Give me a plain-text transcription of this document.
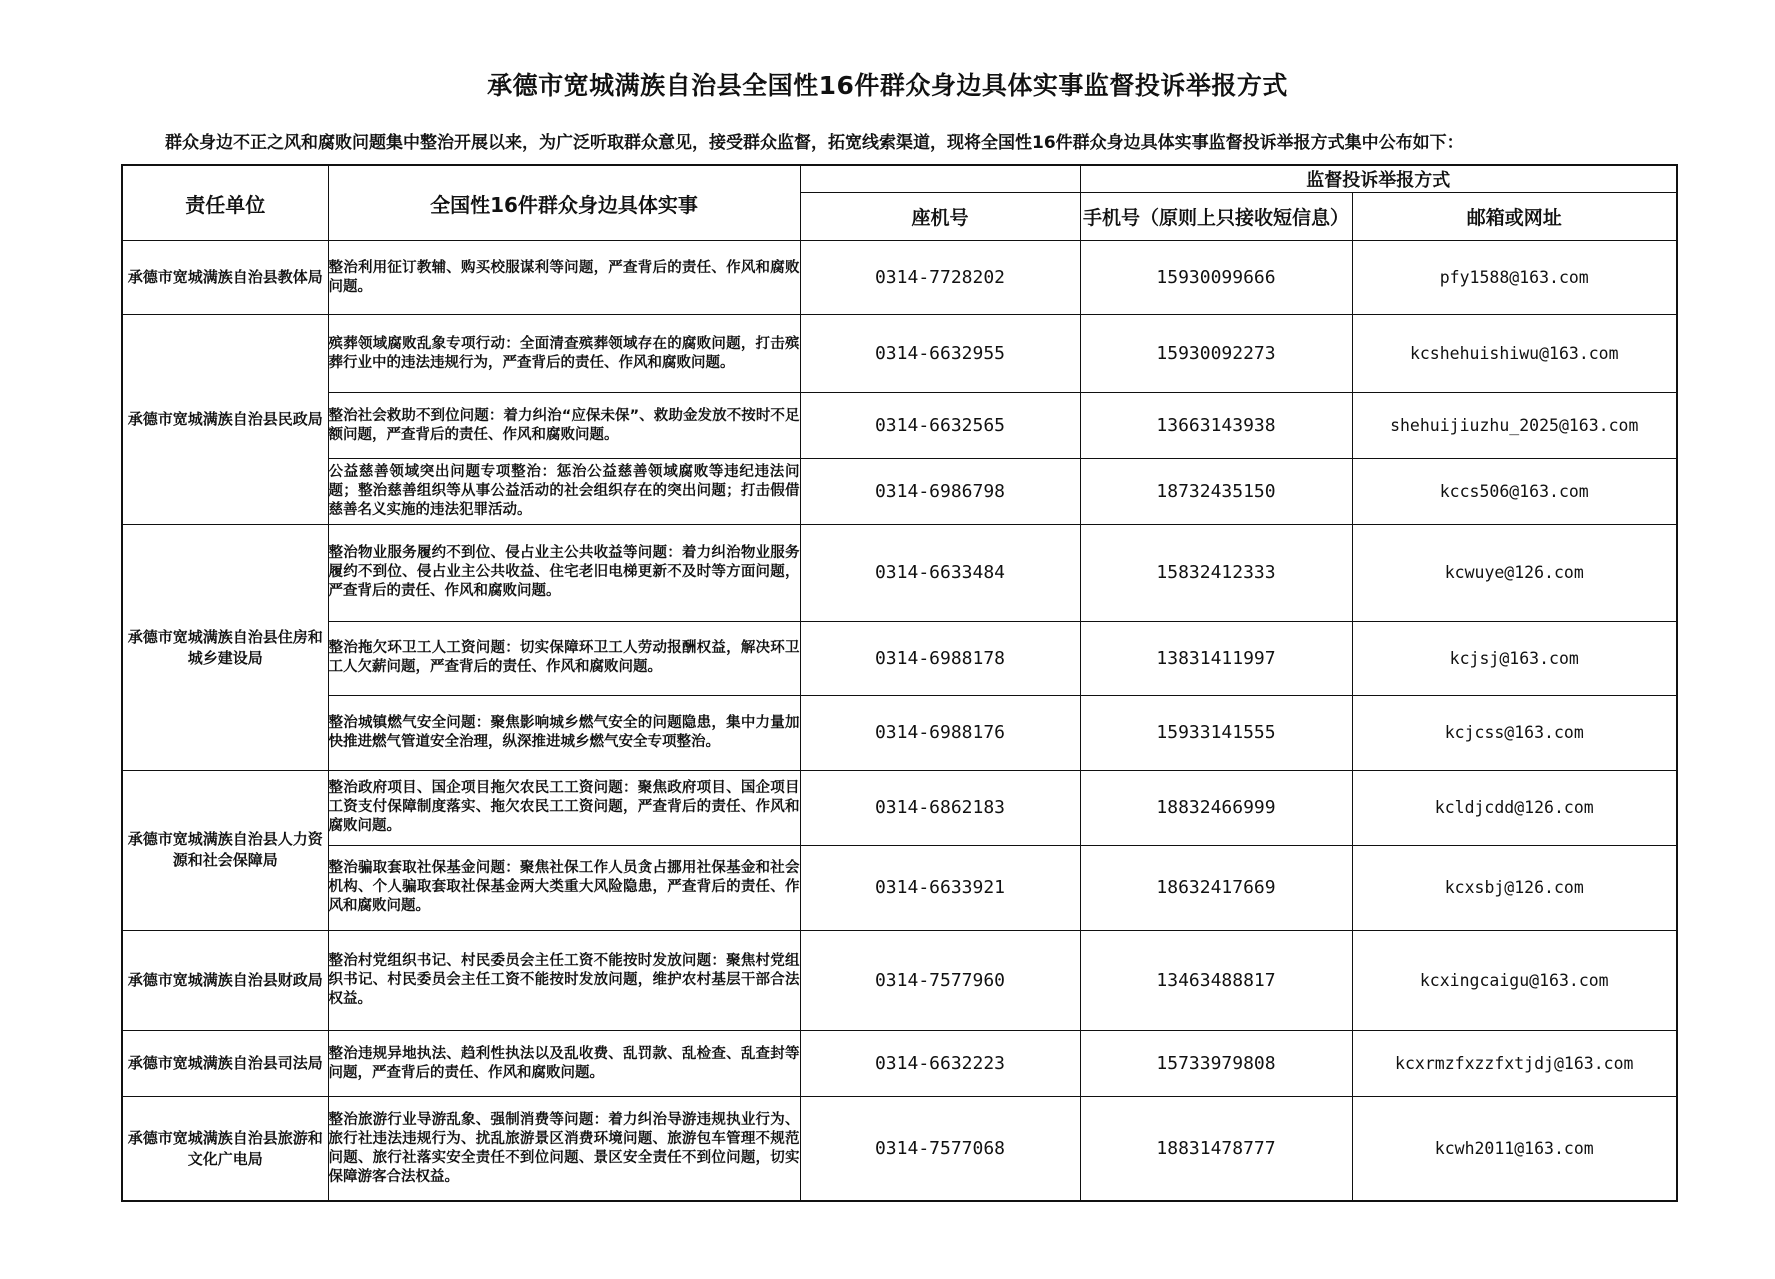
承德市宽城满族自治县全国性16件群众身边具体实事监督投诉举报方式
群众身边不正之风和腐败问题集中整治开展以来，为广泛听取群众意见，接受群众监督，拓宽线索渠道，现将全国性16件群众身边具体实事监督投诉举报方式集中公布如下：
责任单位	全国性16件群众身边具体实事		监督投诉举报方式	
		座机号	手机号（原则上只接收短信息）	邮箱或网址
承德市宽城满族自治县教体局	整治利用征订教辅、购买校服谋利等问题，严查背后的责任、作风和腐败问题。	0314-7728202	15930099666	pfy1588@163.com
承德市宽城满族自治县民政局	殡葬领域腐败乱象专项行动：全面清查殡葬领域存在的腐败问题，打击殡葬行业中的违法违规行为，严查背后的责任、作风和腐败问题。	0314-6632955	15930092273	kcshehuishiwu@163.com
	整治社会救助不到位问题：着力纠治“应保未保”、救助金发放不按时不足额问题，严查背后的责任、作风和腐败问题。	0314-6632565	13663143938	shehuijiuzhu_2025@163.com
	公益慈善领域突出问题专项整治：惩治公益慈善领域腐败等违纪违法问题；整治慈善组织等从事公益活动的社会组织存在的突出问题；打击假借慈善名义实施的违法犯罪活动。	0314-6986798	18732435150	kccs506@163.com
承德市宽城满族自治县住房和城乡建设局	整治物业服务履约不到位、侵占业主公共收益等问题：着力纠治物业服务履约不到位、侵占业主公共收益、住宅老旧电梯更新不及时等方面问题，严查背后的责任、作风和腐败问题。	0314-6633484	15832412333	kcwuye@126.com
	整治拖欠环卫工人工资问题：切实保障环卫工人劳动报酬权益，解决环卫工人欠薪问题，严查背后的责任、作风和腐败问题。	0314-6988178	13831411997	kcjsj@163.com
	整治城镇燃气安全问题：聚焦影响城乡燃气安全的问题隐患，集中力量加快推进燃气管道安全治理，纵深推进城乡燃气安全专项整治。	0314-6988176	15933141555	kcjcss@163.com
承德市宽城满族自治县人力资源和社会保障局	整治政府项目、国企项目拖欠农民工工资问题：聚焦政府项目、国企项目工资支付保障制度落实、拖欠农民工工资问题，严查背后的责任、作风和腐败问题。	0314-6862183	18832466999	kcldjcdd@126.com
	整治骗取套取社保基金问题：聚焦社保工作人员贪占挪用社保基金和社会机构、个人骗取套取社保基金两大类重大风险隐患，严查背后的责任、作风和腐败问题。	0314-6633921	18632417669	kcxsbj@126.com
承德市宽城满族自治县财政局	整治村党组织书记、村民委员会主任工资不能按时发放问题：聚焦村党组织书记、村民委员会主任工资不能按时发放问题，维护农村基层干部合法权益。	0314-7577960	13463488817	kcxingcaigu@163.com
承德市宽城满族自治县司法局	整治违规异地执法、趋利性执法以及乱收费、乱罚款、乱检查、乱查封等问题，严查背后的责任、作风和腐败问题。	0314-6632223	15733979808	kcxrmzfxzzfxtjdj@163.com
承德市宽城满族自治县旅游和文化广电局	整治旅游行业导游乱象、强制消费等问题：着力纠治导游违规执业行为、旅行社违法违规行为、扰乱旅游景区消费环境问题、旅游包车管理不规范问题、旅行社落实安全责任不到位问题、景区安全责任不到位问题，切实保障游客合法权益。	0314-7577068	18831478777	kcwh2011@163.com
